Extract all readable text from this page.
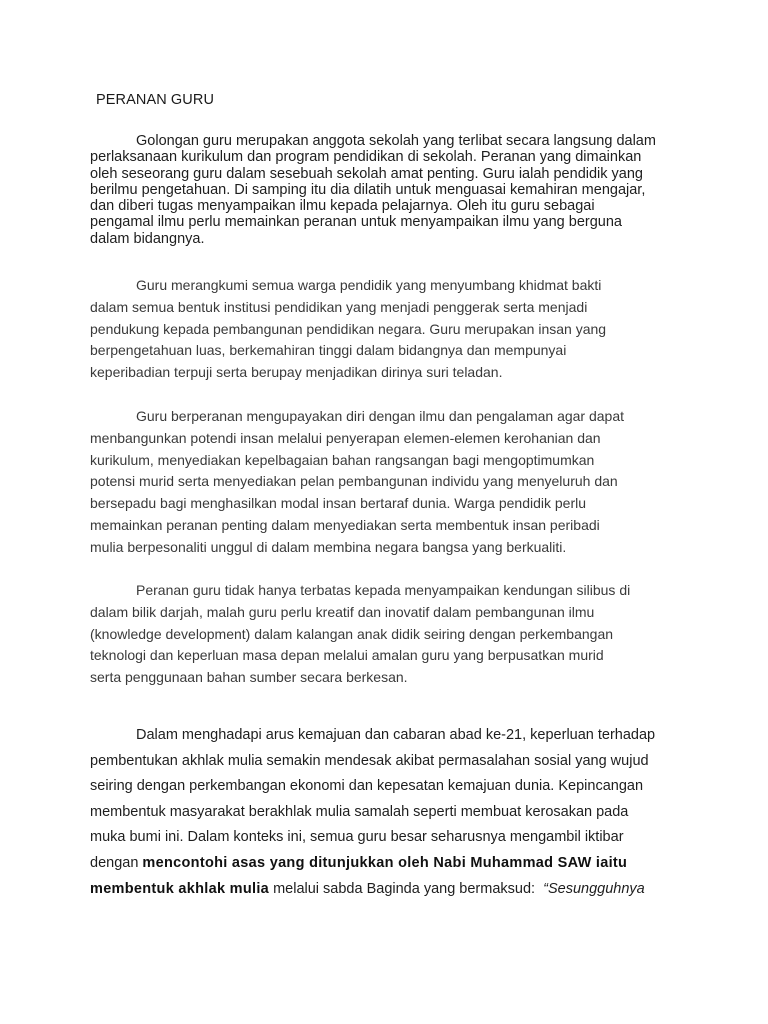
PERANAN GURU

Golongan guru merupakan anggota sekolah yang terlibat secara langsung dalam
perlaksanaan kurikulum dan program pendidikan di sekolah. Peranan yang dimainkan
oleh seseorang guru dalam sesebuah sekolah amat penting. Guru ialah pendidik yang
berilmu pengetahuan. Di samping itu dia dilatih untuk menguasai kemahiran mengajar,
dan diberi tugas menyampaikan ilmu kepada pelajarnya. Oleh itu guru sebagai
pengamal ilmu perlu memainkan peranan untuk menyampaikan ilmu yang berguna
dalam bidangnya.

Guru merangkumi semua warga pendidik yang menyumbang khidmat bakti
dalam semua bentuk institusi pendidikan yang menjadi penggerak serta menjadi
pendukung kepada pembangunan pendidikan negara. Guru merupakan insan yang
berpengetahuan luas, berkemahiran tinggi dalam bidangnya dan mempunyai
keperibadian terpuji serta berupay menjadikan dirinya suri teladan.

Guru berperanan mengupayakan diri dengan ilmu dan pengalaman agar dapat
menbangunkan potendi insan melalui penyerapan elemen-elemen kerohanian dan
kurikulum, menyediakan kepelbagaian bahan rangsangan bagi mengoptimumkan
potensi murid serta menyediakan pelan pembangunan individu yang menyeluruh dan
bersepadu bagi menghasilkan modal insan bertaraf dunia. Warga pendidik perlu
memainkan peranan penting dalam menyediakan serta membentuk insan peribadi
mulia berpesonaliti unggul di dalam membina negara bangsa yang berkualiti.

Peranan guru tidak hanya terbatas kepada menyampaikan kendungan silibus di
dalam bilik darjah, malah guru perlu kreatif dan inovatif dalam pembangunan ilmu
(knowledge development) dalam kalangan anak didik seiring dengan perkembangan
teknologi dan keperluan masa depan melalui amalan guru yang berpusatkan murid
serta penggunaan bahan sumber secara berkesan.

Dalam menghadapi arus kemajuan dan cabaran abad ke-21, keperluan terhadap
pembentukan akhlak mulia semakin mendesak akibat permasalahan sosial yang wujud
seiring dengan perkembangan ekonomi dan kepesatan kemajuan dunia. Kepincangan
membentuk masyarakat berakhlak mulia samalah seperti membuat kerosakan pada
muka bumi ini. Dalam konteks ini, semua guru besar seharusnya mengambil iktibar
dengan mencontohi asas yang ditunjukkan oleh Nabi Muhammad SAW iaitu
membentuk akhlak mulia melalui sabda Baginda yang bermaksud:  “Sesungguhnya
